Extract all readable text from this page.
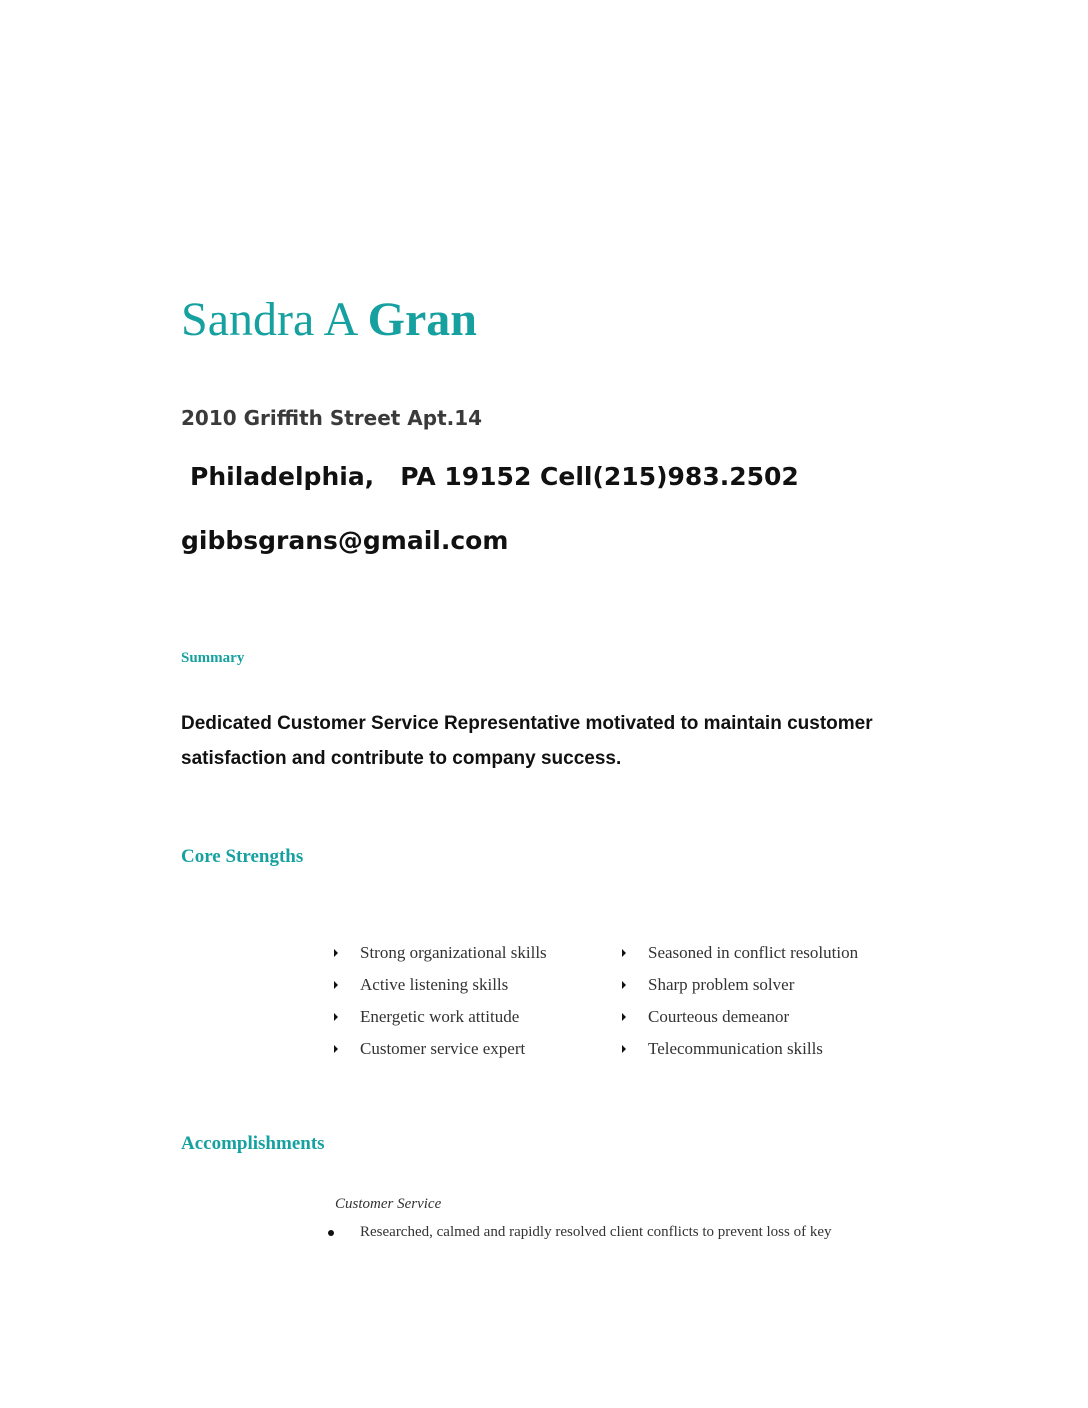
Sandra A Gran
2010 Griffith Street Apt.14
Philadelphia,   PA 19152 Cell(215)983.2502
gibbsgrans@gmail.com
Summary
Dedicated Customer Service Representative motivated to maintain customer satisfaction and contribute to company success.
Core Strengths
Strong organizational skills	Seasoned in conflict resolution
Active listening skills	Sharp problem solver
Energetic work attitude	Courteous demeanor
Customer service expert	Telecommunication skills
Accomplishments
Customer Service
Researched, calmed and rapidly resolved client conflicts to prevent loss of key
